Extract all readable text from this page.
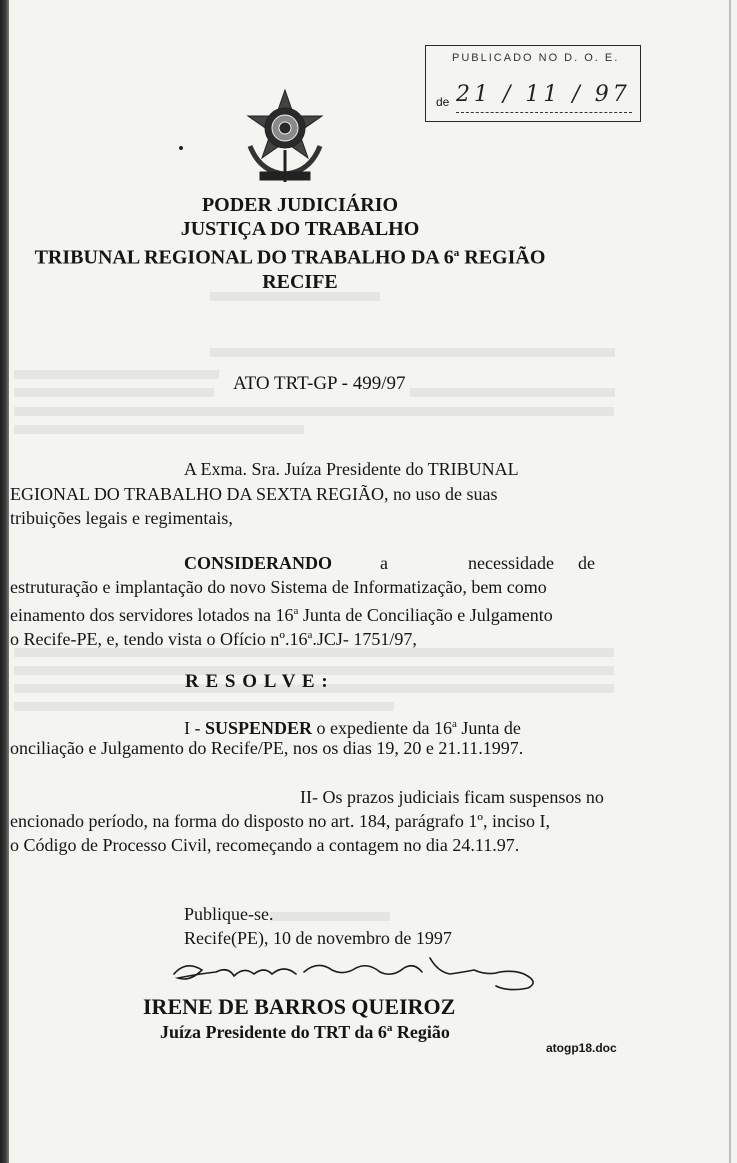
PUBLICADO NO D. O. E.
de 21 / 11 / 97
PODER JUDICIÁRIO
JUSTIÇA DO TRABALHO
TRIBUNAL REGIONAL DO TRABALHO DA 6$^a$ REGIÃO
RECIFE
ATO TRT-GP - 499/97
A Exma. Sra. Juíza Presidente do TRIBUNAL
EGIONAL DO TRABALHO DA SEXTA REGIÃO, no uso de suas
tribuições legais e regimentais,
CONSIDERANDO	a	necessidade de
estruturação e implantação do novo Sistema de Informatização, bem como
einamento dos servidores lotados na 16$^a$ Junta de Conciliação e Julgamento
o Recife-PE, e, tendo vista o Ofício nº.16$^a$.JCJ- 1751/97,
R E S O L V E :
I - SUSPENDER o expediente da 16$^a$ Junta de
onciliação e Julgamento do Recife/PE, nos os dias 19, 20 e 21.11.1997.
II- Os prazos judiciais ficam suspensos no
encionado período, na forma do disposto no art. 184, parágrafo 1º, inciso I,
o Código de Processo Civil, recomeçando a contagem no dia 24.11.97.
Publique-se.
Recife(PE), 10 de novembro de 1997
IRENE DE BARROS QUEIROZ
Juíza Presidente do TRT da 6$^a$ Região
atogp18.doc
